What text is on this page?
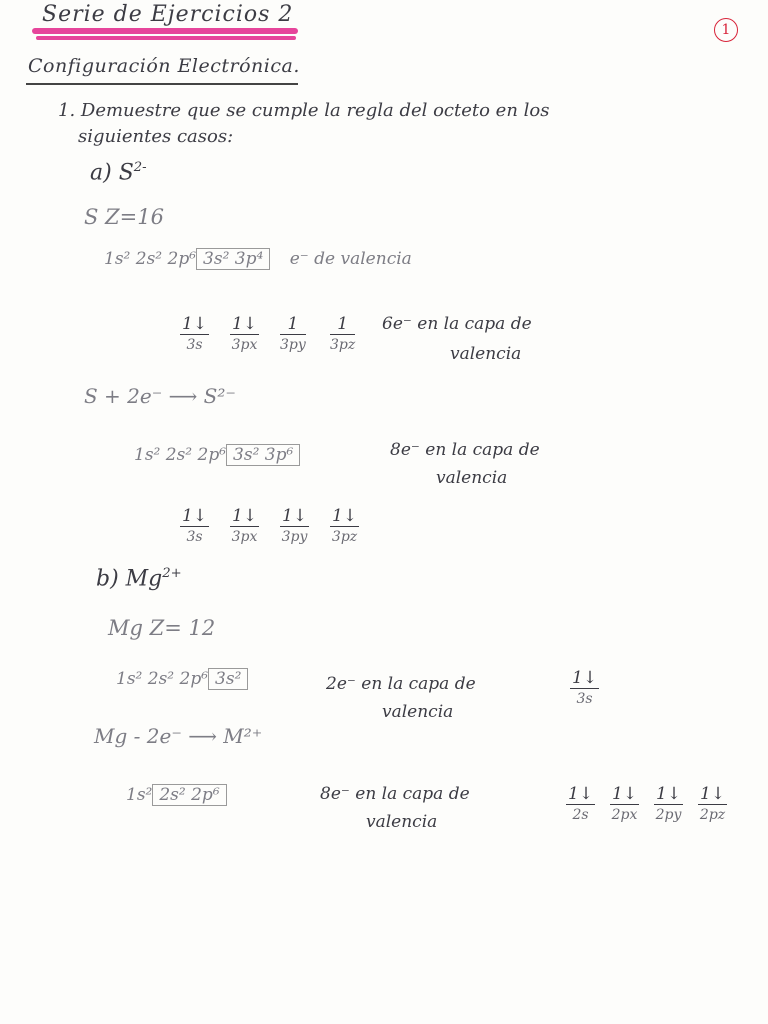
Serie de Ejercicios 2
1
Configuración Electrónica.
1. Demuestre que se cumple la regla del octeto en los
siguientes casos:
a) $S^{2-}$
S Z=16
1s² 2s² 2p⁶ 3s² 3p⁴ e⁻ de valencia
1↓
3s
1↓
3px
1
3py
1
3pz
6e⁻ en la capa de
valencia
S + 2e⁻ ⟶ S²⁻
1s² 2s² 2p⁶ 3s² 3p⁶	8e⁻ en la capa de
valencia
1↓
3s
1↓
3px
1↓
3py
1↓
3pz
b) $Mg^{2+}$
Mg Z= 12
1s² 2s² 2p⁶ 3s²	2e⁻ en la capa de
valencia
1↓
3s
Mg - 2e⁻ ⟶ M²⁺
1s² 2s² 2p⁶	8e⁻ en la capa de
valencia
1↓
2s
1↓
2px
1↓
2py
1↓
2pz
